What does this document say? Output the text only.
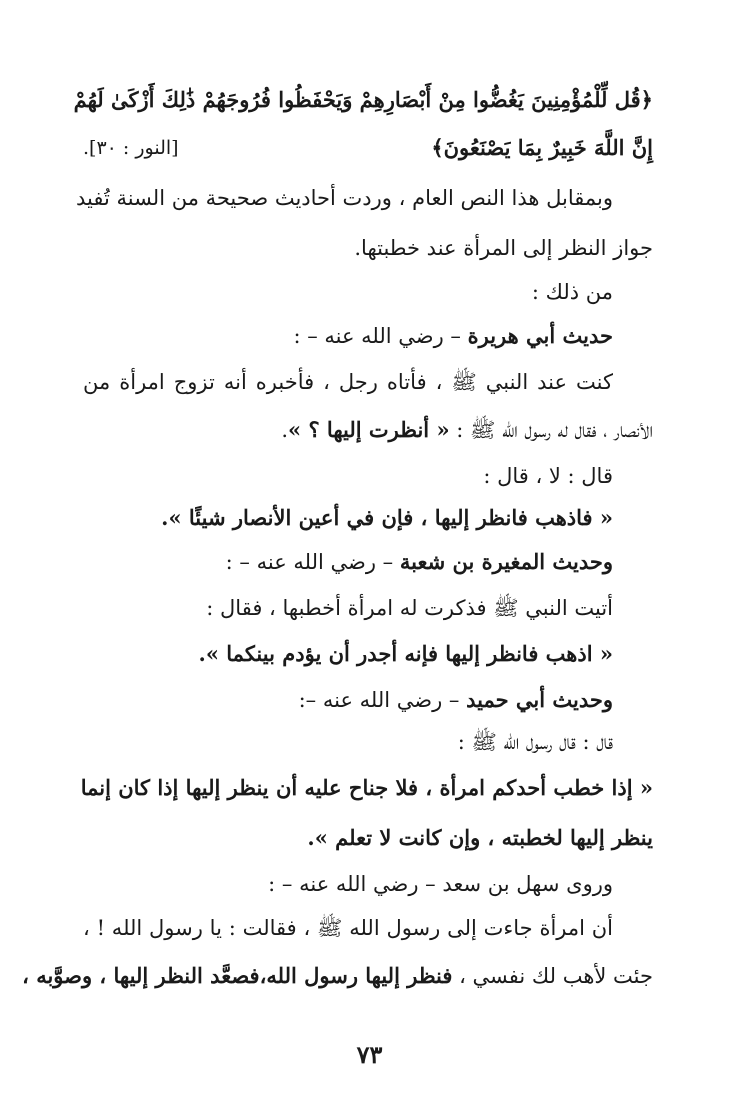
﴿قُل لِّلْمُؤْمِنِينَ يَغُضُّوا مِنْ أَبْصَارِهِمْ وَيَحْفَظُوا فُرُوجَهُمْ ذَٰلِكَ أَزْكَىٰ لَهُمْ
إِنَّ اللَّهَ خَبِيرٌ بِمَا يَصْنَعُونَ﴾
[النور : ٣٠].
وبمقابل هذا النص العام ، وردت أحاديث صحيحة من السنة تُفيد
جواز النظر إلى المرأة عند خطبتها.
من ذلك :
حديث أبي هريرة – رضي الله عنه – :
كنت عند النبي ﷺ ، فأتاه رجل ، فأخبره أنه تزوج امرأة من
الأنصار ، فقال له رسول الله ﷺ : « أنظرت إليها ؟ ».
قال : لا ، قال :
« فاذهب فانظر إليها ، فإن في أعين الأنصار شيئًا ».
وحديث المغيرة بن شعبة – رضي الله عنه – :
أتيت النبي ﷺ فذكرت له امرأة أخطبها ، فقال :
« اذهب فانظر إليها فإنه أجدر أن يؤدم بينكما ».
وحديث أبي حميد – رضي الله عنه –:
قال : قال رسول الله ﷺ :
« إذا خطب أحدكم امرأة ، فلا جناح عليه أن ينظر إليها إذا كان إنما
ينظر إليها لخطبته ، وإن كانت لا تعلم ».
وروى سهل بن سعد – رضي الله عنه – :
أن امرأة جاءت إلى رسول الله ﷺ ، فقالت : يا رسول الله ! ،
جئت لأهب لك نفسي ، فنظر إليها رسول الله،فصعَّد النظر إليها ، وصوَّبه ،
٧٣
